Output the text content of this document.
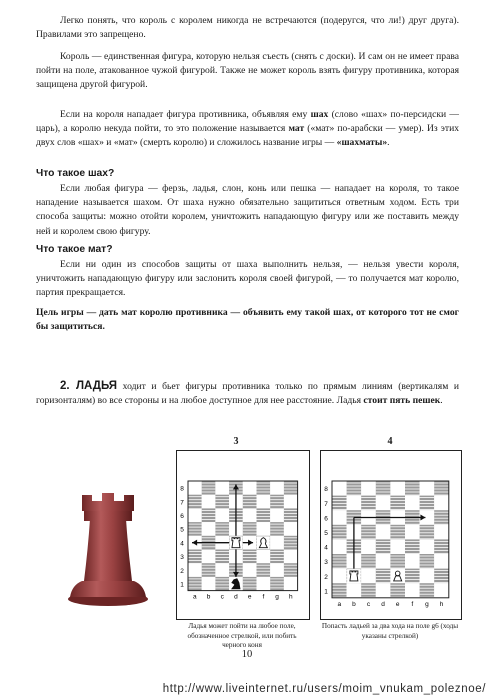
Легко понять, что король с королем никогда не встречаются (подеругся, что ли!) друг друга). Правилами это запрещено.

Король — единственная фигура, которую нельзя съесть (снять с доски). И сам он не имеет права пойти на поле, атакованное чужой фигурой. Также не может король взять фигуру противника, которая защищена другой фигурой.

Если на короля нападает фигура противника, объявляя ему шах (слово «шах» по-персидски — царь), а королю некуда пойти, то это положение называется мат («мат» по-арабски — умер). Из этих двух слов «шах» и «мат» (смерть королю) и сложилось название игры — «шахматы».

Что такое шах?
Если любая фигура — ферзь, ладья, слон, конь или пешка — нападает на короля, то такое нападение называется шахом. От шаха нужно обязательно защититься ответным ходом. Есть три способа защиты: можно отойти королем, уничтожить нападающую фигуру или же поставить между ней и королем свою фигуру.
Что такое мат?
Если ни один из способов защиты от шаха выполнить нельзя, — нельзя увести короля, уничтожить нападающую фигуру или заслонить короля своей фигурой, — то получается мат королю, партия прекращается.
Цель игры — дать мат королю противника — объявить ему такой шах, от которого тот не смог бы защититься.
2. ЛАДЬЯ ходит и бьет фигуры противника только по прямым линиям (вертикалям и горизонталям) во все стороны и на любое доступное для нее расстояние. Ладья стоит пять пешек.
3
8
7
6
5
4
3
2
1
a b c d e f g h
Ладья может пойти на любое поле, обозначенное стрелкой, или побить черного коня
4
8
7
6
5
4
3
2
1
a b c d e f g h
Попасть ладьей за два хода на поле g6 (ходы указаны стрелкой)
10
http://www.liveinternet.ru/users/moim_vnukam_poleznoe/
